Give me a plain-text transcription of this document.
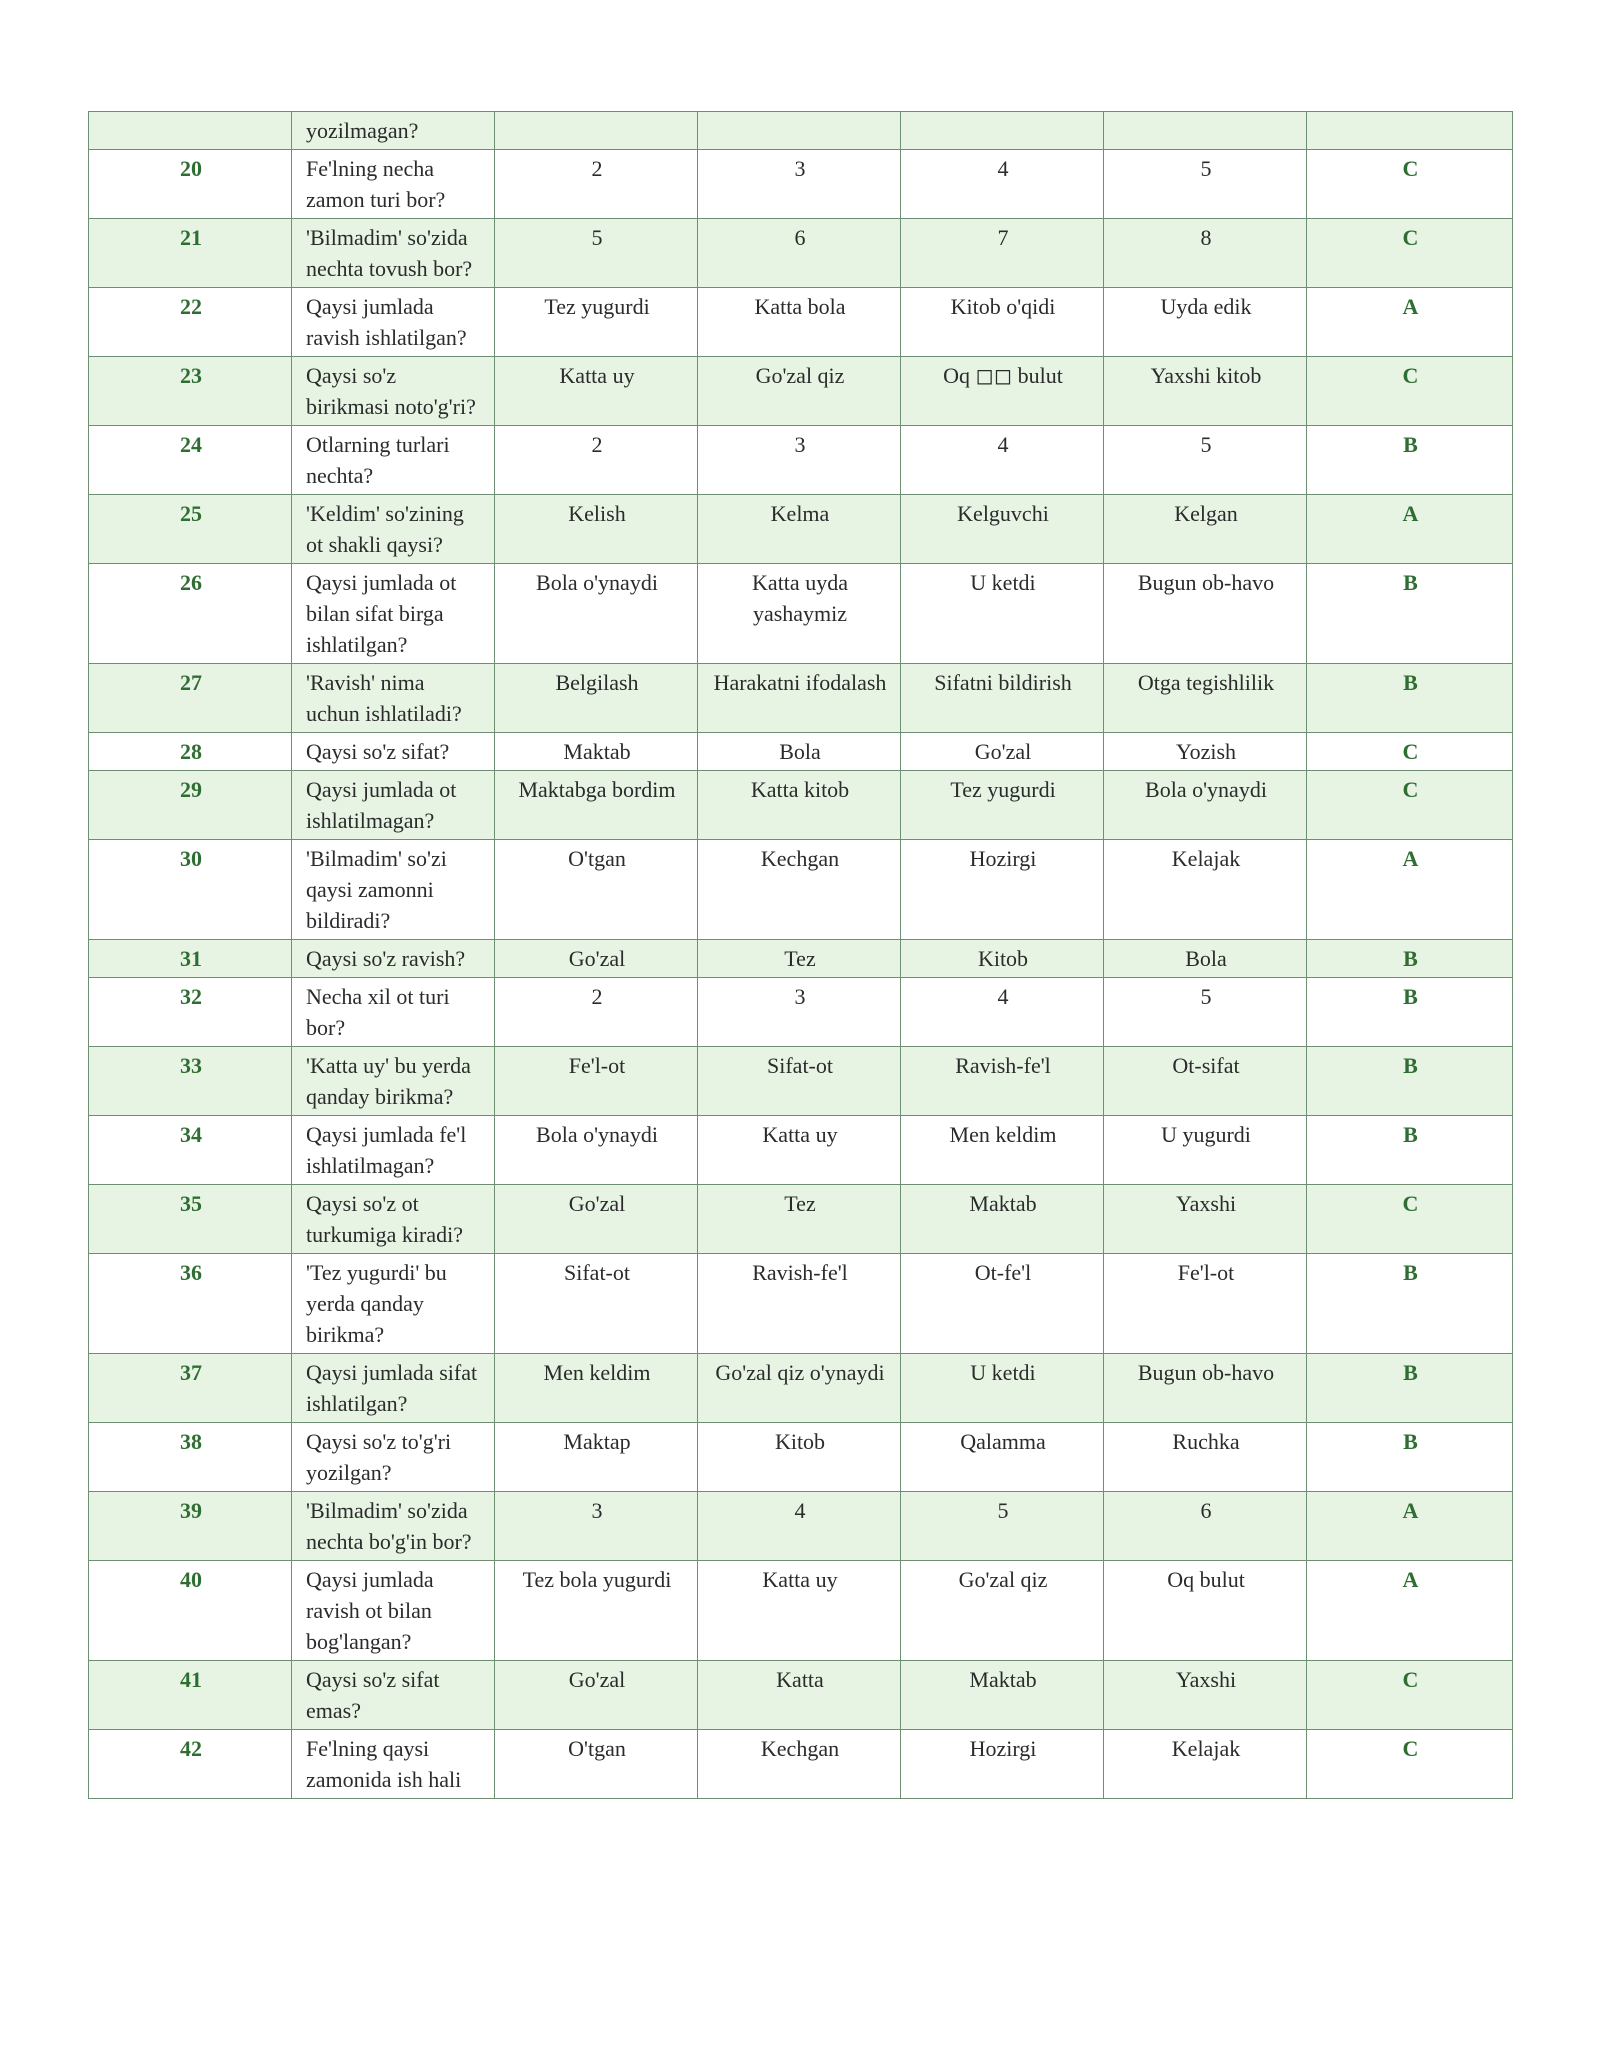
	yozilmagan?					
20	Fe'lning necha zamon turi bor?	2	3	4	5	C
21	'Bilmadim' so'zida nechta tovush bor?	5	6	7	8	C
22	Qaysi jumlada ravish ishlatilgan?	Tez yugurdi	Katta bola	Kitob o'qidi	Uyda edik	A
23	Qaysi so'z birikmasi noto'g'ri?	Katta uy	Go'zal qiz	Oq ◻◻ bulut	Yaxshi kitob	C
24	Otlarning turlari nechta?	2	3	4	5	B
25	'Keldim' so'zining ot shakli qaysi?	Kelish	Kelma	Kelguvchi	Kelgan	A
26	Qaysi jumlada ot bilan sifat birga ishlatilgan?	Bola o'ynaydi	Katta uyda yashaymiz	U ketdi	Bugun ob-havo	B
27	'Ravish' nima uchun ishlatiladi?	Belgilash	Harakatni ifodalash	Sifatni bildirish	Otga tegishlilik	B
28	Qaysi so'z sifat?	Maktab	Bola	Go'zal	Yozish	C
29	Qaysi jumlada ot ishlatilmagan?	Maktabga bordim	Katta kitob	Tez yugurdi	Bola o'ynaydi	C
30	'Bilmadim' so'zi qaysi zamonni bildiradi?	O'tgan	Kechgan	Hozirgi	Kelajak	A
31	Qaysi so'z ravish?	Go'zal	Tez	Kitob	Bola	B
32	Necha xil ot turi bor?	2	3	4	5	B
33	'Katta uy' bu yerda qanday birikma?	Fe'l-ot	Sifat-ot	Ravish-fe'l	Ot-sifat	B
34	Qaysi jumlada fe'l ishlatilmagan?	Bola o'ynaydi	Katta uy	Men keldim	U yugurdi	B
35	Qaysi so'z ot turkumiga kiradi?	Go'zal	Tez	Maktab	Yaxshi	C
36	'Tez yugurdi' bu yerda qanday birikma?	Sifat-ot	Ravish-fe'l	Ot-fe'l	Fe'l-ot	B
37	Qaysi jumlada sifat ishlatilgan?	Men keldim	Go'zal qiz o'ynaydi	U ketdi	Bugun ob-havo	B
38	Qaysi so'z to'g'ri yozilgan?	Maktap	Kitob	Qalamma	Ruchka	B
39	'Bilmadim' so'zida nechta bo'g'in bor?	3	4	5	6	A
40	Qaysi jumlada ravish ot bilan bog'langan?	Tez bola yugurdi	Katta uy	Go'zal qiz	Oq bulut	A
41	Qaysi so'z sifat emas?	Go'zal	Katta	Maktab	Yaxshi	C
42	Fe'lning qaysi zamonida ish hali	O'tgan	Kechgan	Hozirgi	Kelajak	C
